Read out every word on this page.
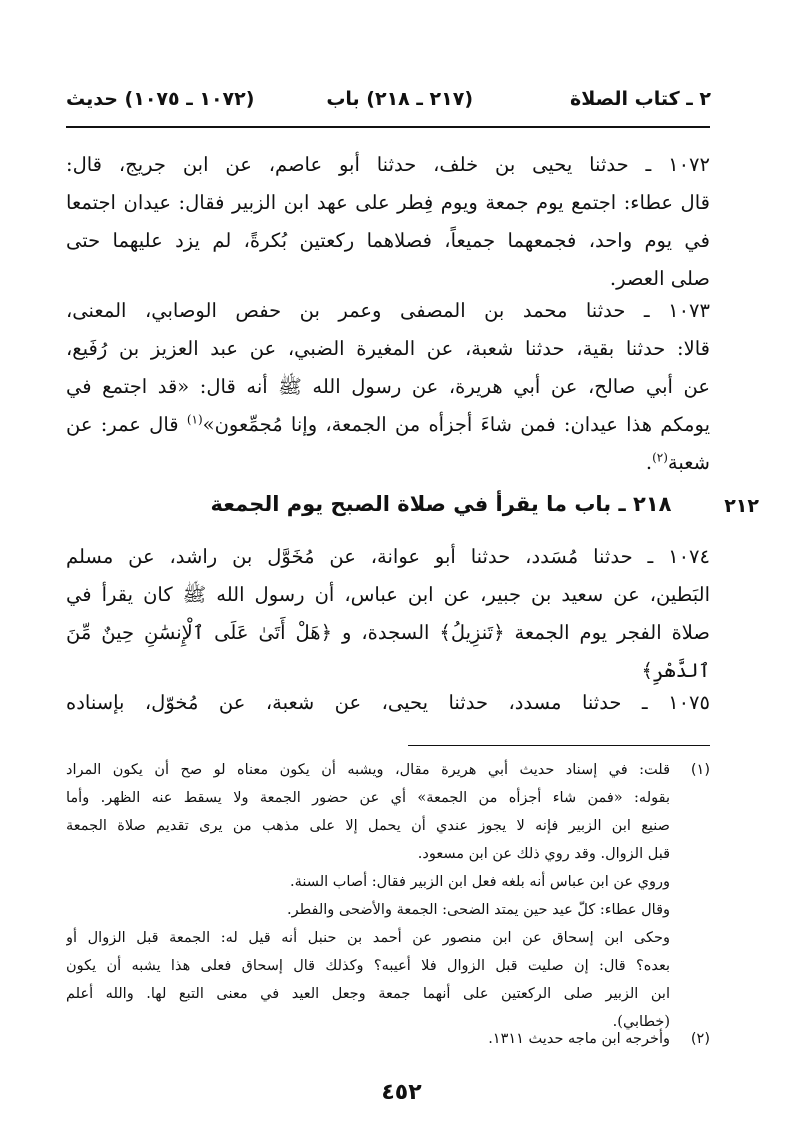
٢ ـ كتاب الصلاة
(٢١٧ ـ ٢١٨) باب
(١٠٧٢ ـ ١٠٧٥) حديث
١٠٧٢ ـ حدثنا يحيى بن خلف، حدثنا أبو عاصم، عن ابن جريج، قال:
قال عطاء: اجتمع يوم جمعة ويوم فِطر على عهد ابن الزبير فقال: عيدان اجتمعا
في يوم واحد، فجمعهما جميعاً، فصلاهما ركعتين بُكرةً، لم يزد عليهما حتى
صلى العصر.
١٠٧٣ ـ حدثنا محمد بن المصفى وعمر بن حفص الوصابي، المعنى،
قالا: حدثنا بقية، حدثنا شعبة، عن المغيرة الضبي، عن عبد العزيز بن رُفَيع،
عن أبي صالح، عن أبي هريرة، عن رسول الله ﷺ أنه قال: «قد اجتمع في
يومكم هذا عيدان: فمن شاءَ أجزأه من الجمعة، وإنا مُجمِّعون»$^{(١)}$ قال عمر: عن
شعبة$^{(٢)}$.
٢١٢
٢١٨ ـ باب ما يقرأ في صلاة الصبح يوم الجمعة
١٠٧٤ ـ حدثنا مُسَدد، حدثنا أبو عوانة، عن مُخَوَّل بن راشد، عن مسلم
البَطين، عن سعيد بن جبير، عن ابن عباس، أن رسول الله ﷺ كان يقرأ في
صلاة الفجر يوم الجمعة ﴿تَنزِيلُ﴾ السجدة، و ﴿هَلْ أَتَىٰ عَلَى ٱلْإِنسَٰنِ حِينٌ مِّنَ
ٱلدَّهْرِ﴾
١٠٧٥ ـ حدثنا مسدد، حدثنا يحيى، عن شعبة، عن مُخوّل، بإسناده
(١)
قلت: في إسناد حديث أبي هريرة مقال، ويشبه أن يكون معناه لو صح أن يكون المراد
بقوله: «فمن شاء أجزأه من الجمعة» أي عن حضور الجمعة ولا يسقط عنه الظهر. وأما
صنيع ابن الزبير فإنه لا يجوز عندي أن يحمل إلا على مذهب من يرى تقديم صلاة الجمعة
قبل الزوال. وقد روي ذلك عن ابن مسعود.
وروي عن ابن عباس أنه بلغه فعل ابن الزبير فقال: أصاب السنة.
وقال عطاء: كلّ عيد حين يمتد الضحى: الجمعة والأضحى والفطر.
وحكى ابن إسحاق عن ابن منصور عن أحمد بن حنبل أنه قيل له: الجمعة قبل الزوال أو
بعده؟ قال: إن صليت قبل الزوال فلا أعيبه؟ وكذلك قال إسحاق فعلى هذا يشبه أن يكون
ابن الزبير صلى الركعتين على أنهما جمعة وجعل العيد في معنى التبع لها. والله أعلم
(خطابي).
(٢)
وأخرجه ابن ماجه حديث ١٣١١.
٤٥٢
